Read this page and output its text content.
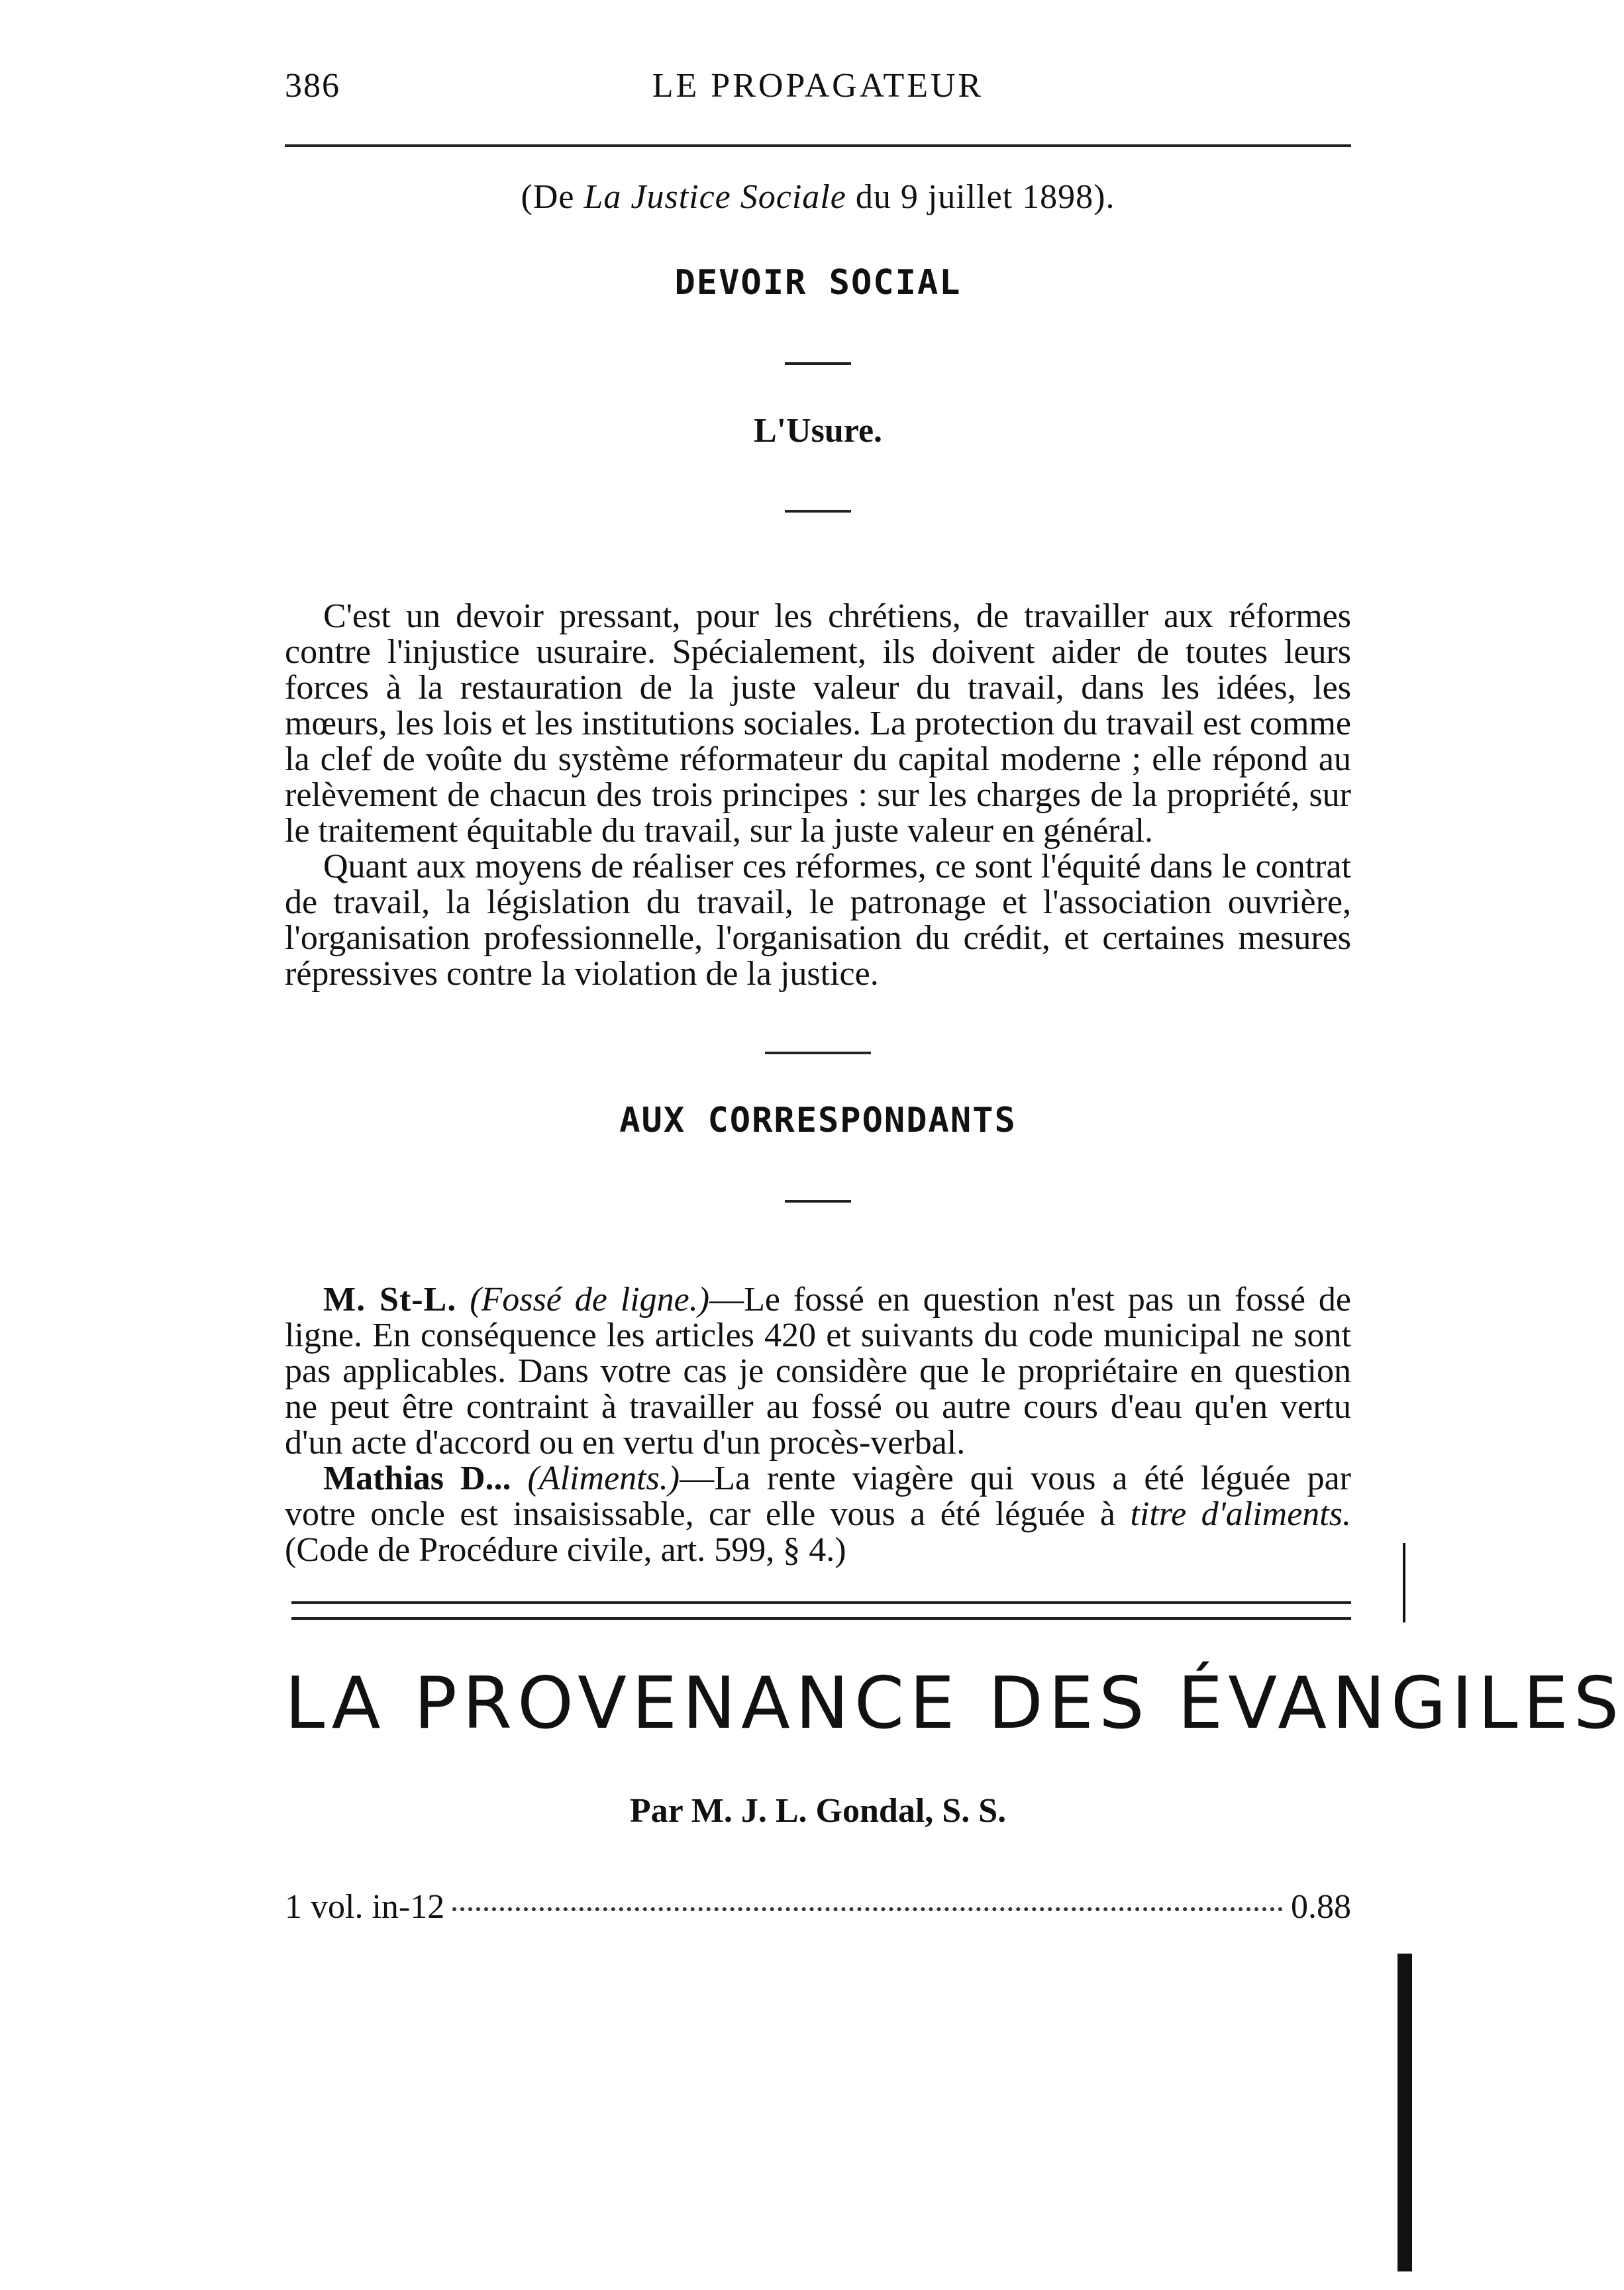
386	LE PROPAGATEUR
(De La Justice Sociale du 9 juillet 1898).
DEVOIR SOCIAL
L'Usure.

C'est un devoir pressant, pour les chrétiens, de travailler aux réformes contre l'injustice usuraire. Spécialement, ils doivent aider de toutes leurs forces à la restauration de la juste valeur du travail, dans les idées, les mœurs, les lois et les institutions sociales. La protection du travail est comme la clef de voûte du système réformateur du capital moderne ; elle répond au relèvement de chacun des trois principes : sur les charges de la propriété, sur le traitement équitable du travail, sur la juste valeur en général.

Quant aux moyens de réaliser ces réformes, ce sont l'équité dans le contrat de travail, la législation du travail, le patronage et l'association ouvrière, l'organisation professionnelle, l'organisation du crédit, et certaines mesures répressives contre la violation de la justice.

AUX CORRESPONDANTS

M. St-L. (Fossé de ligne.)—Le fossé en question n'est pas un fossé de ligne. En conséquence les articles 420 et suivants du code municipal ne sont pas applicables. Dans votre cas je considère que le propriétaire en question ne peut être contraint à travailler au fossé ou autre cours d'eau qu'en vertu d'un acte d'accord ou en vertu d'un procès-verbal.

Mathias D... (Aliments.)—La rente viagère qui vous a été léguée par votre oncle est insaisissable, car elle vous a été léguée à titre d'aliments. (Code de Procédure civile, art. 599, § 4.)

LA PROVENANCE DES ÉVANGILES
Par M. J. L. Gondal, S. S.
1 vol. in-12	0.88
